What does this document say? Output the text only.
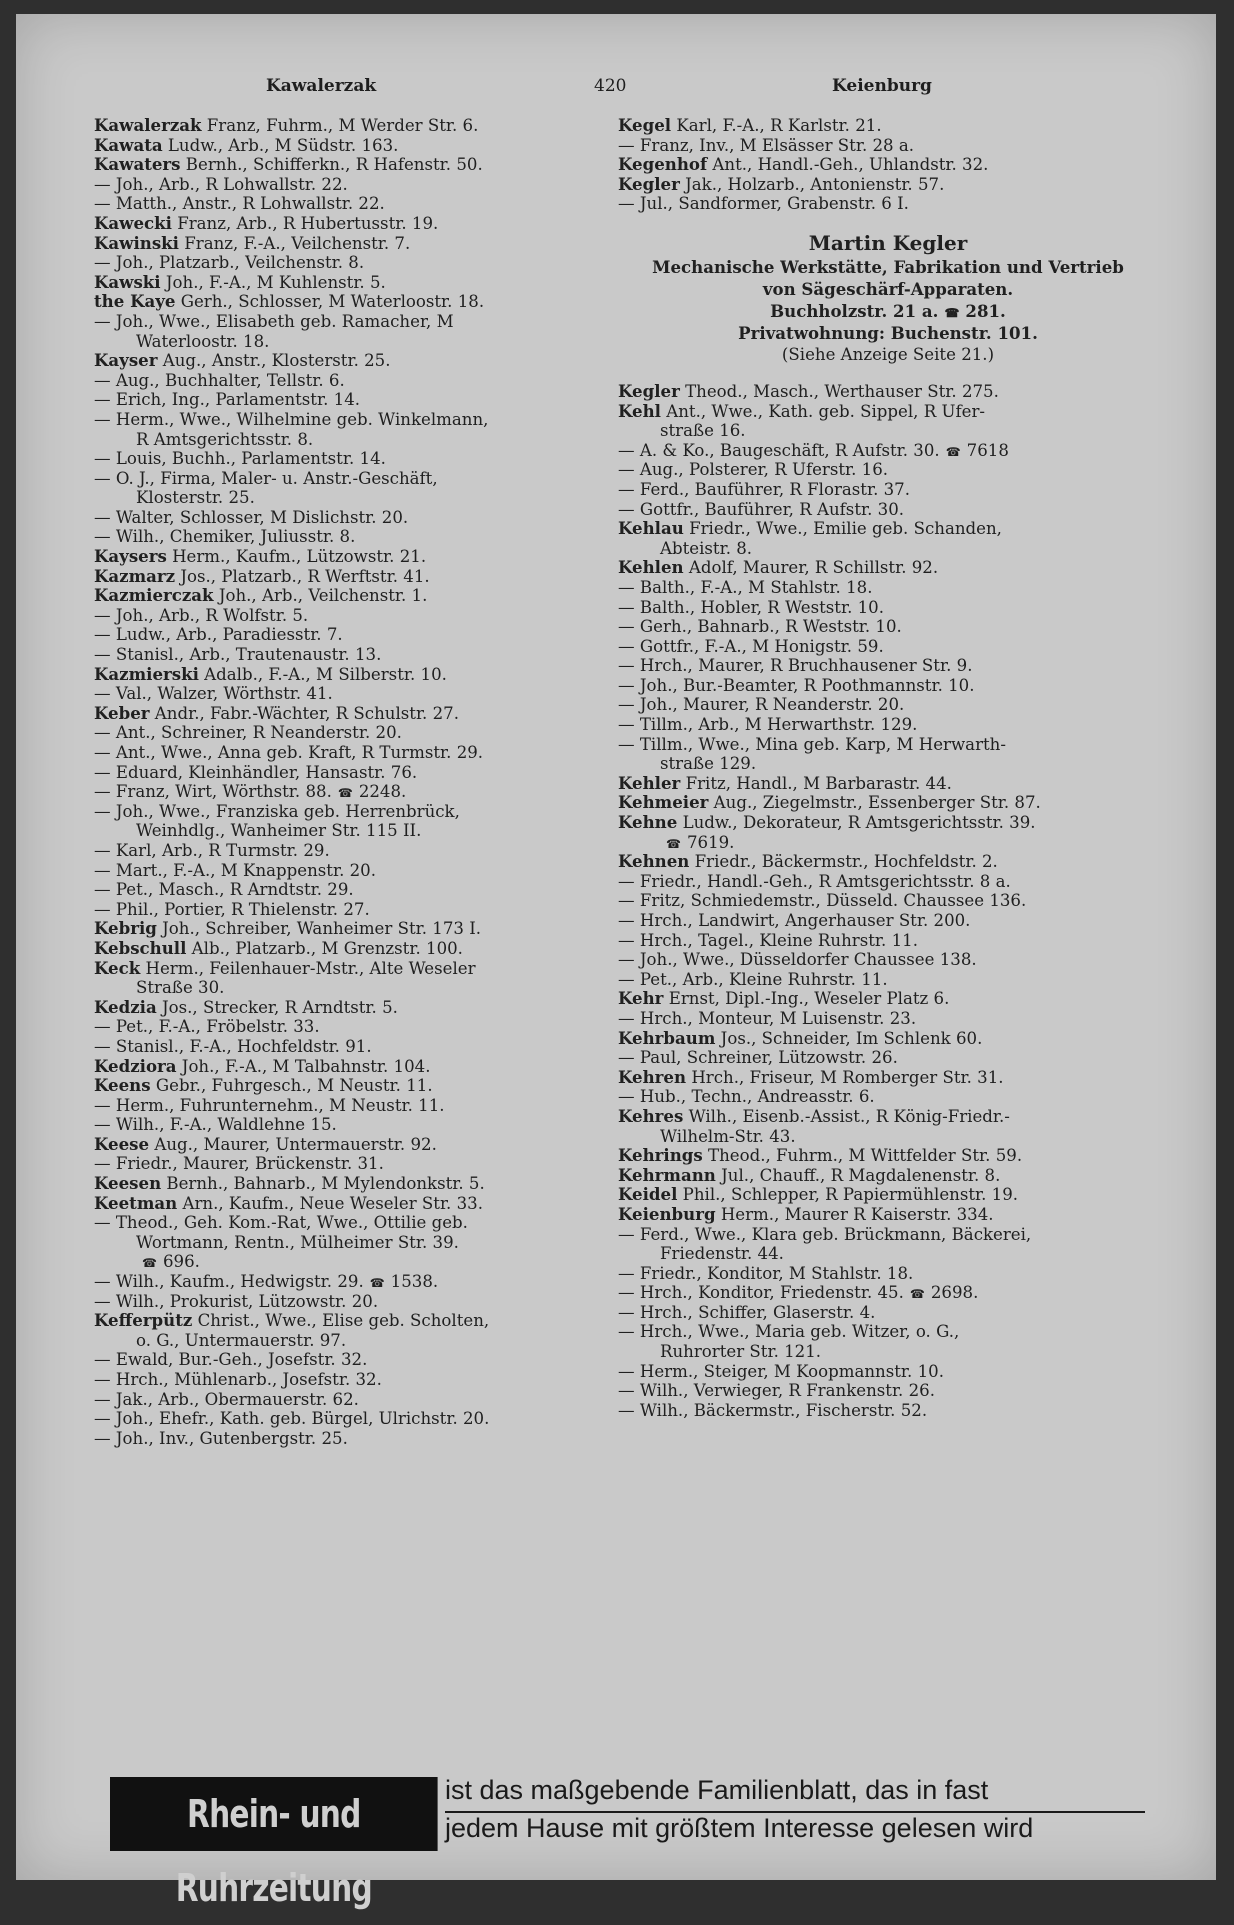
Kawalerzak	420	Keienburg
Kawalerzak Franz, Fuhrm., M Werder Str. 6.
Kawata Ludw., Arb., M Südstr. 163.
Kawaters Bernh., Schifferkn., R Hafenstr. 50.
— Joh., Arb., R Lohwallstr. 22.
— Matth., Anstr., R Lohwallstr. 22.
Kawecki Franz, Arb., R Hubertusstr. 19.
Kawinski Franz, F.-A., Veilchenstr. 7.
— Joh., Platzarb., Veilchenstr. 8.
Kawski Joh., F.-A., M Kuhlenstr. 5.
the Kaye Gerh., Schlosser, M Waterloostr. 18.
— Joh., Wwe., Elisabeth geb. Ramacher, M
Waterloostr. 18.
Kayser Aug., Anstr., Klosterstr. 25.
— Aug., Buchhalter, Tellstr. 6.
— Erich, Ing., Parlamentstr. 14.
— Herm., Wwe., Wilhelmine geb. Winkelmann,
R Amtsgerichtsstr. 8.
— Louis, Buchh., Parlamentstr. 14.
— O. J., Firma, Maler- u. Anstr.-Geschäft,
Klosterstr. 25.
— Walter, Schlosser, M Dislichstr. 20.
— Wilh., Chemiker, Juliusstr. 8.
Kaysers Herm., Kaufm., Lützowstr. 21.
Kazmarz Jos., Platzarb., R Werftstr. 41.
Kazmierczak Joh., Arb., Veilchenstr. 1.
— Joh., Arb., R Wolfstr. 5.
— Ludw., Arb., Paradiesstr. 7.
— Stanisl., Arb., Trautenaustr. 13.
Kazmierski Adalb., F.-A., M Silberstr. 10.
— Val., Walzer, Wörthstr. 41.
Keber Andr., Fabr.-Wächter, R Schulstr. 27.
— Ant., Schreiner, R Neanderstr. 20.
— Ant., Wwe., Anna geb. Kraft, R Turmstr. 29.
— Eduard, Kleinhändler, Hansastr. 76.
— Franz, Wirt, Wörthstr. 88. ☎ 2248.
— Joh., Wwe., Franziska geb. Herrenbrück,
Weinhdlg., Wanheimer Str. 115 II.
— Karl, Arb., R Turmstr. 29.
— Mart., F.-A., M Knappenstr. 20.
— Pet., Masch., R Arndtstr. 29.
— Phil., Portier, R Thielenstr. 27.
Kebrig Joh., Schreiber, Wanheimer Str. 173 I.
Kebschull Alb., Platzarb., M Grenzstr. 100.
Keck Herm., Feilenhauer-Mstr., Alte Weseler
Straße 30.
Kedzia Jos., Strecker, R Arndtstr. 5.
— Pet., F.-A., Fröbelstr. 33.
— Stanisl., F.-A., Hochfeldstr. 91.
Kedziora Joh., F.-A., M Talbahnstr. 104.
Keens Gebr., Fuhrgesch., M Neustr. 11.
— Herm., Fuhrunternehm., M Neustr. 11.
— Wilh., F.-A., Waldlehne 15.
Keese Aug., Maurer, Untermauerstr. 92.
— Friedr., Maurer, Brückenstr. 31.
Keesen Bernh., Bahnarb., M Mylendonkstr. 5.
Keetman Arn., Kaufm., Neue Weseler Str. 33.
— Theod., Geh. Kom.-Rat, Wwe., Ottilie geb.
Wortmann, Rentn., Mülheimer Str. 39.
☎ 696.
— Wilh., Kaufm., Hedwigstr. 29. ☎ 1538.
— Wilh., Prokurist, Lützowstr. 20.
Kefferpütz Christ., Wwe., Elise geb. Scholten,
o. G., Untermauerstr. 97.
— Ewald, Bur.-Geh., Josefstr. 32.
— Hrch., Mühlenarb., Josefstr. 32.
— Jak., Arb., Obermauerstr. 62.
— Joh., Ehefr., Kath. geb. Bürgel, Ulrichstr. 20.
— Joh., Inv., Gutenbergstr. 25.
Kegel Karl, F.-A., R Karlstr. 21.
— Franz, Inv., M Elsässer Str. 28 a.
Kegenhof Ant., Handl.-Geh., Uhlandstr. 32.
Kegler Jak., Holzarb., Antonienstr. 57.
— Jul., Sandformer, Grabenstr. 6 I.
Martin Kegler
Mechanische Werkstätte, Fabrikation und Vertrieb
von Sägeschärf-Apparaten.
Buchholzstr. 21 a. ☎ 281.
Privatwohnung: Buchenstr. 101.
(Siehe Anzeige Seite 21.)
Kegler Theod., Masch., Werthauser Str. 275.
Kehl Ant., Wwe., Kath. geb. Sippel, R Ufer-
straße 16.
— A. & Ko., Baugeschäft, R Aufstr. 30. ☎ 7618
— Aug., Polsterer, R Uferstr. 16.
— Ferd., Bauführer, R Florastr. 37.
— Gottfr., Bauführer, R Aufstr. 30.
Kehlau Friedr., Wwe., Emilie geb. Schanden,
Abteistr. 8.
Kehlen Adolf, Maurer, R Schillstr. 92.
— Balth., F.-A., M Stahlstr. 18.
— Balth., Hobler, R Weststr. 10.
— Gerh., Bahnarb., R Weststr. 10.
— Gottfr., F.-A., M Honigstr. 59.
— Hrch., Maurer, R Bruchhausener Str. 9.
— Joh., Bur.-Beamter, R Poothmannstr. 10.
— Joh., Maurer, R Neanderstr. 20.
— Tillm., Arb., M Herwarthstr. 129.
— Tillm., Wwe., Mina geb. Karp, M Herwarth-
straße 129.
Kehler Fritz, Handl., M Barbarastr. 44.
Kehmeier Aug., Ziegelmstr., Essenberger Str. 87.
Kehne Ludw., Dekorateur, R Amtsgerichtsstr. 39.
☎ 7619.
Kehnen Friedr., Bäckermstr., Hochfeldstr. 2.
— Friedr., Handl.-Geh., R Amtsgerichtsstr. 8 a.
— Fritz, Schmiedemstr., Düsseld. Chaussee 136.
— Hrch., Landwirt, Angerhauser Str. 200.
— Hrch., Tagel., Kleine Ruhrstr. 11.
— Joh., Wwe., Düsseldorfer Chaussee 138.
— Pet., Arb., Kleine Ruhrstr. 11.
Kehr Ernst, Dipl.-Ing., Weseler Platz 6.
— Hrch., Monteur, M Luisenstr. 23.
Kehrbaum Jos., Schneider, Im Schlenk 60.
— Paul, Schreiner, Lützowstr. 26.
Kehren Hrch., Friseur, M Romberger Str. 31.
— Hub., Techn., Andreasstr. 6.
Kehres Wilh., Eisenb.-Assist., R König-Friedr.-
Wilhelm-Str. 43.
Kehrings Theod., Fuhrm., M Wittfelder Str. 59.
Kehrmann Jul., Chauff., R Magdalenenstr. 8.
Keidel Phil., Schlepper, R Papiermühlenstr. 19.
Keienburg Herm., Maurer R Kaiserstr. 334.
— Ferd., Wwe., Klara geb. Brückmann, Bäckerei,
Friedenstr. 44.
— Friedr., Konditor, M Stahlstr. 18.
— Hrch., Konditor, Friedenstr. 45. ☎ 2698.
— Hrch., Schiffer, Glaserstr. 4.
— Hrch., Wwe., Maria geb. Witzer, o. G.,
Ruhrorter Str. 121.
— Herm., Steiger, M Koopmannstr. 10.
— Wilh., Verwieger, R Frankenstr. 26.
— Wilh., Bäckermstr., Fischerstr. 52.
Rhein- und Ruhrzeitung
ist das maßgebende Familienblatt, das in fast
jedem Hause mit größtem Interesse gelesen wird
